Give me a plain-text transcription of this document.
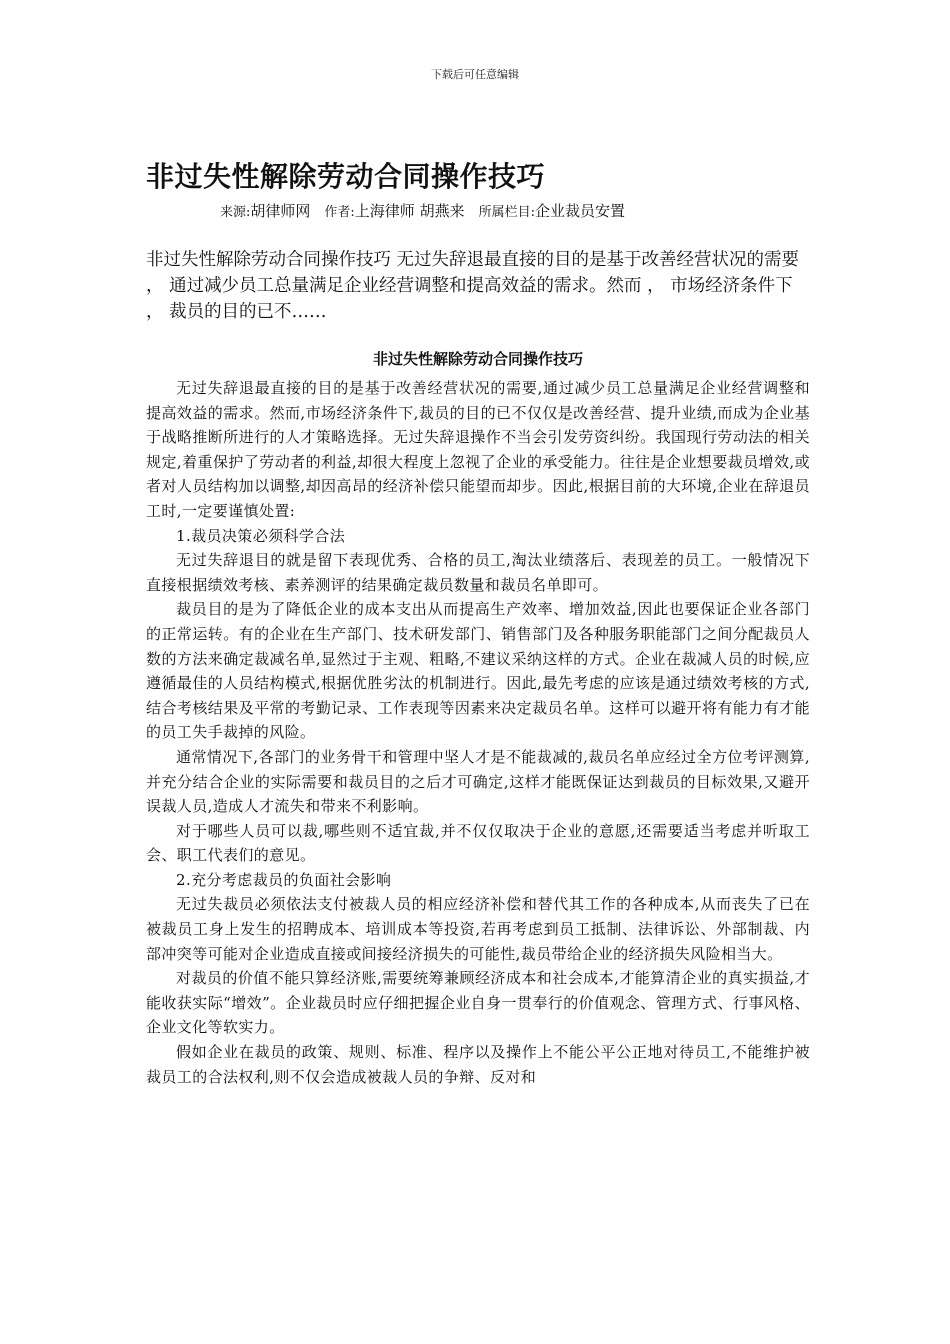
下载后可任意编辑
非过失性解除劳动合同操作技巧
来源:胡律师网 作者:上海律师 胡燕来 所属栏目:企业裁员安置

非过失性解除劳动合同操作技巧 无过失辞退最直接的目的是基于改善经营状况的需要 ， 通过减少员工总量满足企业经营调整和提高效益的需求。然而 ， 市场经济条件下 ， 裁员的目的已不……

非过失性解除劳动合同操作技巧

无过失辞退最直接的目的是基于改善经营状况的需要,通过减少员工总量满足企业经营调整和提高效益的需求。然而,市场经济条件下,裁员的目的已不仅仅是改善经营、提升业绩,而成为企业基于战略推断所进行的人才策略选择。无过失辞退操作不当会引发劳资纠纷。我国现行劳动法的相关规定,着重保护了劳动者的利益,却很大程度上忽视了企业的承受能力。往往是企业想要裁员增效,或者对人员结构加以调整,却因高昂的经济补偿只能望而却步。因此,根据目前的大环境,企业在辞退员工时,一定要谨慎处置:

1.裁员决策必须科学合法

无过失辞退目的就是留下表现优秀、合格的员工,淘汰业绩落后、表现差的员工。一般情况下直接根据绩效考核、素养测评的结果确定裁员数量和裁员名单即可。

裁员目的是为了降低企业的成本支出从而提高生产效率、增加效益,因此也要保证企业各部门的正常运转。有的企业在生产部门、技术研发部门、销售部门及各种服务职能部门之间分配裁员人数的方法来确定裁减名单,显然过于主观、粗略,不建议采纳这样的方式。企业在裁减人员的时候,应遵循最佳的人员结构模式,根据优胜劣汰的机制进行。因此,最先考虑的应该是通过绩效考核的方式,结合考核结果及平常的考勤记录、工作表现等因素来决定裁员名单。这样可以避开将有能力有才能的员工失手裁掉的风险。

通常情况下,各部门的业务骨干和管理中坚人才是不能裁减的,裁员名单应经过全方位考评测算,并充分结合企业的实际需要和裁员目的之后才可确定,这样才能既保证达到裁员的目标效果,又避开误裁人员,造成人才流失和带来不利影响。

对于哪些人员可以裁,哪些则不适宜裁,并不仅仅取决于企业的意愿,还需要适当考虑并听取工会、职工代表们的意见。

2.充分考虑裁员的负面社会影响

无过失裁员必须依法支付被裁人员的相应经济补偿和替代其工作的各种成本,从而丧失了已在被裁员工身上发生的招聘成本、培训成本等投资,若再考虑到员工抵制、法律诉讼、外部制裁、内部冲突等可能对企业造成直接或间接经济损失的可能性,裁员带给企业的经济损失风险相当大。

对裁员的价值不能只算经济账,需要统筹兼顾经济成本和社会成本,才能算清企业的真实损益,才能收获实际“增效”。企业裁员时应仔细把握企业自身一贯奉行的价值观念、管理方式、行事风格、企业文化等软实力。

假如企业在裁员的政策、规则、标准、程序以及操作上不能公平公正地对待员工,不能维护被裁员工的合法权利,则不仅会造成被裁人员的争辩、反对和
